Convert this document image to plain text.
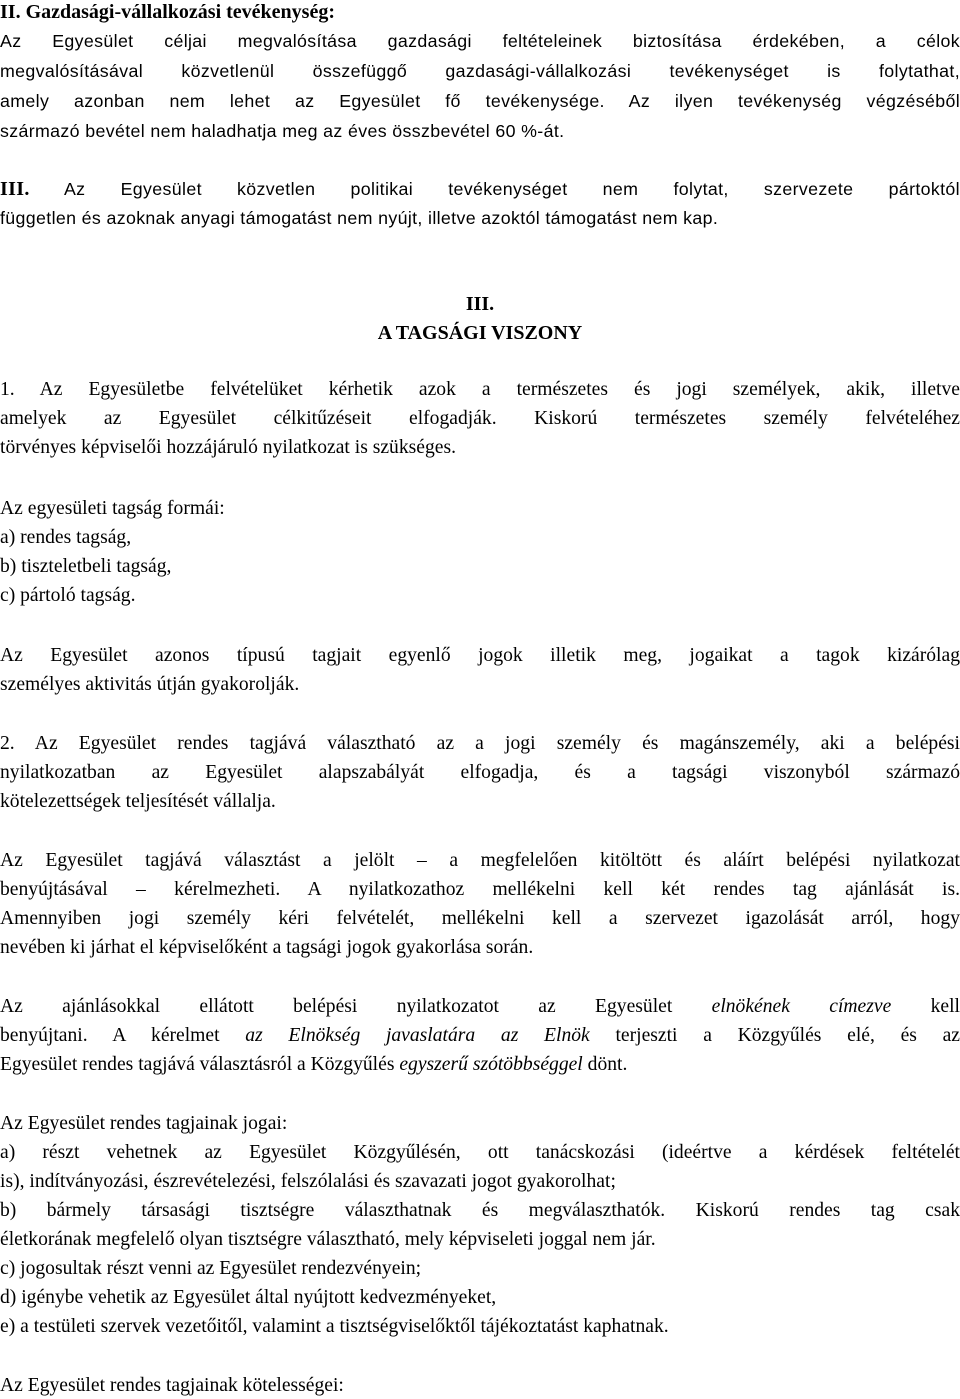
II. Gazdasági-vállalkozási tevékenység:

Az Egyesület céljai megvalósítása gazdasági feltételeinek biztosítása érdekében, a célok

megvalósításával közvetlenül összefüggő gazdasági-vállalkozási tevékenységet is folytathat,

amely azonban nem lehet az Egyesület fő tevékenysége. Az ilyen tevékenység végzéséből

származó bevétel nem haladhatja meg az éves összbevétel 60 %-át.

III. Az Egyesület közvetlen politikai tevékenységet nem folytat, szervezete pártoktól

független és azoknak anyagi támogatást nem nyújt, illetve azoktól támogatást nem kap.

III.

A TAGSÁGI VISZONY

1. Az Egyesületbe felvételüket kérhetik azok a természetes és jogi személyek, akik, illetve

amelyek az Egyesület célkitűzéseit elfogadják. Kiskorú természetes személy felvételéhez

törvényes képviselői hozzájáruló nyilatkozat is szükséges.

Az egyesületi tagság formái:

a) rendes tagság,

b) tiszteletbeli tagság,

c) pártoló tagság.

Az Egyesület azonos típusú tagjait egyenlő jogok illetik meg, jogaikat a tagok kizárólag

személyes aktivitás útján gyakorolják.

2. Az Egyesület rendes tagjává választható az a jogi személy és magánszemély, aki a belépési

nyilatkozatban az Egyesület alapszabályát elfogadja, és a tagsági viszonyból származó

kötelezettségek teljesítését vállalja.

Az Egyesület tagjává választást a jelölt – a megfelelően kitöltött és aláírt belépési nyilatkozat

benyújtásával – kérelmezheti. A nyilatkozathoz mellékelni kell két rendes tag ajánlását is.

Amennyiben jogi személy kéri felvételét, mellékelni kell a szervezet igazolását arról, hogy

nevében ki járhat el képviselőként a tagsági jogok gyakorlása során.

Az ajánlásokkal ellátott belépési nyilatkozatot az Egyesület elnökének címezve kell

benyújtani. A kérelmet az Elnökség javaslatára az Elnök terjeszti a Közgyűlés elé, és az

Egyesület rendes tagjává választásról a Közgyűlés egyszerű szótöbbséggel dönt.

Az Egyesület rendes tagjainak jogai:

a) részt vehetnek az Egyesület Közgyűlésén, ott tanácskozási (ideértve a kérdések feltételét

is), indítványozási, észrevételezési, felszólalási és szavazati jogot gyakorolhat;

b) bármely társasági tisztségre választhatnak és megválaszthatók. Kiskorú rendes tag csak

életkorának megfelelő olyan tisztségre választható, mely képviseleti joggal nem jár.

c) jogosultak részt venni az Egyesület rendezvényein;

d) igénybe vehetik az Egyesület által nyújtott kedvezményeket,

e) a testületi szervek vezetőitől, valamint a tisztségviselőktől tájékoztatást kaphatnak.

Az Egyesület rendes tagjainak kötelességei:
